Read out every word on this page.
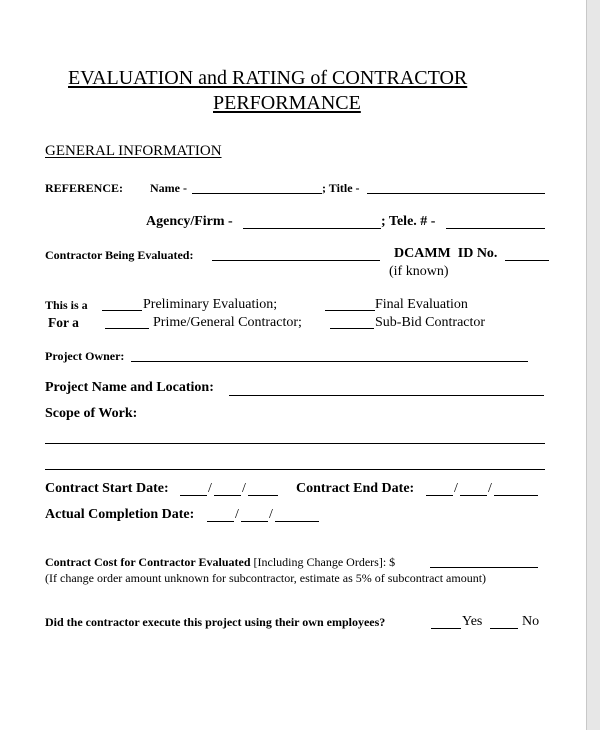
EVALUATION and RATING of CONTRACTOR
PERFORMANCE
GENERAL INFORMATION
REFERENCE: Name -	; Title -
Agency/Firm -	; Tele. # -
Contractor Being Evaluated:	DCAMM  ID No.
(if known)
This is a	Preliminary Evaluation;	Final Evaluation
For a	Prime/General Contractor;	Sub-Bid Contractor
Project Owner:
Project Name and Location:
Scope of Work:
Contract Start Date:	/ /	Contract End Date:	/ /
Actual Completion Date:	/ /
Contract Cost for Contractor Evaluated [Including Change Orders]: $
(If change order amount unknown for subcontractor, estimate as 5% of subcontract amount)
Did the contractor execute this project using their own employees?	Yes	No
